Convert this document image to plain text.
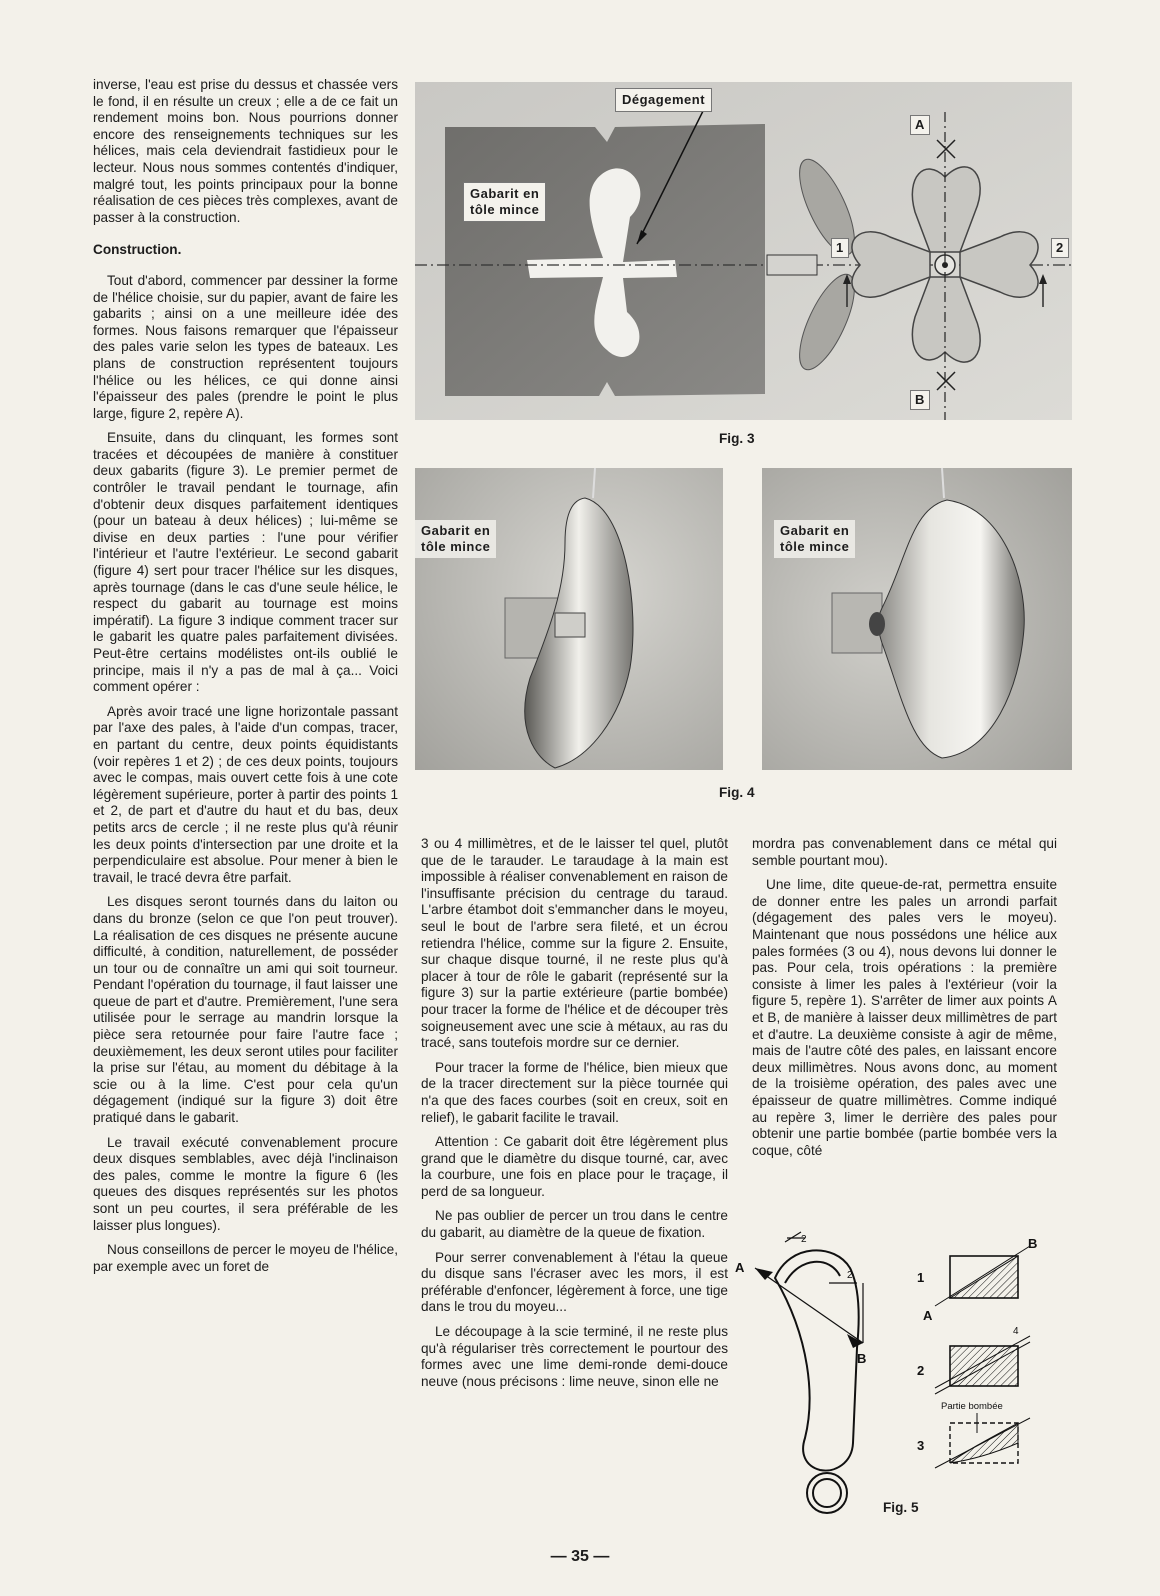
inverse, l'eau est prise du dessus et chassée vers le fond, il en résulte un creux ; elle a de ce fait un rendement moins bon. Nous pourrions donner encore des renseignements techniques sur les hélices, mais cela deviendrait fastidieux pour le lecteur. Nous nous sommes contentés d'indiquer, malgré tout, les points principaux pour la bonne réalisation de ces pièces très complexes, avant de passer à la construction.

Construction.

Tout d'abord, commencer par dessiner la forme de l'hélice choisie, sur du papier, avant de faire les gabarits ; ainsi on a une meilleure idée des formes. Nous faisons remarquer que l'épaisseur des pales varie selon les types de bateaux. Les plans de construction représentent toujours l'hélice ou les hélices, ce qui donne ainsi l'épaisseur des pales (prendre le point le plus large, figure 2, repère A).

Ensuite, dans du clinquant, les formes sont tracées et découpées de manière à constituer deux gabarits (figure 3). Le premier permet de contrôler le travail pendant le tournage, afin d'obtenir deux disques parfaitement identiques (pour un bateau à deux hélices) ; lui-même se divise en deux parties : l'une pour vérifier l'intérieur et l'autre l'extérieur. Le second gabarit (figure 4) sert pour tracer l'hélice sur les disques, après tournage (dans le cas d'une seule hélice, le respect du gabarit au tournage est moins impératif). La figure 3 indique comment tracer sur le gabarit les quatre pales parfaitement divisées. Peut-être certains modélistes ont-ils oublié le principe, mais il n'y a pas de mal à ça... Voici comment opérer :

Après avoir tracé une ligne horizontale passant par l'axe des pales, à l'aide d'un compas, tracer, en partant du centre, deux points équidistants (voir repères 1 et 2) ; de ces deux points, toujours avec le compas, mais ouvert cette fois à une cote légèrement supérieure, porter à partir des points 1 et 2, de part et d'autre du haut et du bas, deux petits arcs de cercle ; il ne reste plus qu'à réunir les deux points d'intersection par une droite et la perpendiculaire est absolue. Pour mener à bien le travail, le tracé devra être parfait.

Les disques seront tournés dans du laiton ou dans du bronze (selon ce que l'on peut trouver). La réalisation de ces disques ne présente aucune difficulté, à condition, naturellement, de posséder un tour ou de connaître un ami qui soit tourneur. Pendant l'opération du tournage, il faut laisser une queue de part et d'autre. Premièrement, l'une sera utilisée pour le serrage au mandrin lorsque la pièce sera retournée pour faire l'autre face ; deuxièmement, les deux seront utiles pour faciliter la prise sur l'étau, au moment du débitage à la scie ou à la lime. C'est pour cela qu'un dégagement (indiqué sur la figure 3) doit être pratiqué dans le gabarit.

Le travail exécuté convenablement procure deux disques semblables, avec déjà l'inclinaison des pales, comme le montre la figure 6 (les queues des disques représentés sur les photos sont un peu courtes, il sera préférable de les laisser plus longues).

Nous conseillons de percer le moyeu de l'hélice, par exemple avec un foret de

Dégagement
Gabarit en
tôle mince
A
B
1	2
Fig. 3
Gabarit en
tôle mince
Gabarit en
tôle mince
Fig. 4

3 ou 4 millimètres, et de le laisser tel quel, plutôt que de le tarauder. Le taraudage à la main est impossible à réaliser convenablement en raison de l'insuffisante précision du centrage du taraud. L'arbre étambot doit s'emmancher dans le moyeu, seul le bout de l'arbre sera fileté, et un écrou retiendra l'hélice, comme sur la figure 2. Ensuite, sur chaque disque tourné, il ne reste plus qu'à placer à tour de rôle le gabarit (représenté sur la figure 3) sur la partie extérieure (partie bombée) pour tracer la forme de l'hélice et de découper très soigneusement avec une scie à métaux, au ras du tracé, sans toutefois mordre sur ce dernier.

Pour tracer la forme de l'hélice, bien mieux que de la tracer directement sur la pièce tournée qui n'a que des faces courbes (soit en creux, soit en relief), le gabarit facilite le travail.

Attention : Ce gabarit doit être légèrement plus grand que le diamètre du disque tourné, car, avec la courbure, une fois en place pour le traçage, il perd de sa longueur.

Ne pas oublier de percer un trou dans le centre du gabarit, au diamètre de la queue de fixation.

Pour serrer convenablement à l'étau la queue du disque sans l'écraser avec les mors, il est préférable d'enfoncer, légèrement à force, une tige dans le trou du moyeu...

Le découpage à la scie terminé, il ne reste plus qu'à régulariser très correctement le pourtour des formes avec une lime demi-ronde demi-douce neuve (nous précisons : lime neuve, sinon elle ne

mordra pas convenablement dans ce métal qui semble pourtant mou).

Une lime, dite queue-de-rat, permettra ensuite de donner entre les pales un arrondi parfait (dégagement des pales vers le moyeu). Maintenant que nous possédons une hélice aux pales formées (3 ou 4), nous devons lui donner le pas. Pour cela, trois opérations : la première consiste à limer les pales à l'extérieur (voir la figure 5, repère 1). S'arrêter de limer aux points A et B, de manière à laisser deux millimètres de part et d'autre. La deuxième consiste à agir de même, mais de l'autre côté des pales, en laissant encore deux millimètres. Nous avons donc, au moment de la troisième opération, des pales avec une épaisseur de quatre millimètres. Comme indiqué au repère 3, limer le derrière des pales pour obtenir une partie bombée (partie bombée vers la coque, côté

A
B
2
2	1
B
A
2
4
Partie bombée
3
Fig. 5
— 35 —
